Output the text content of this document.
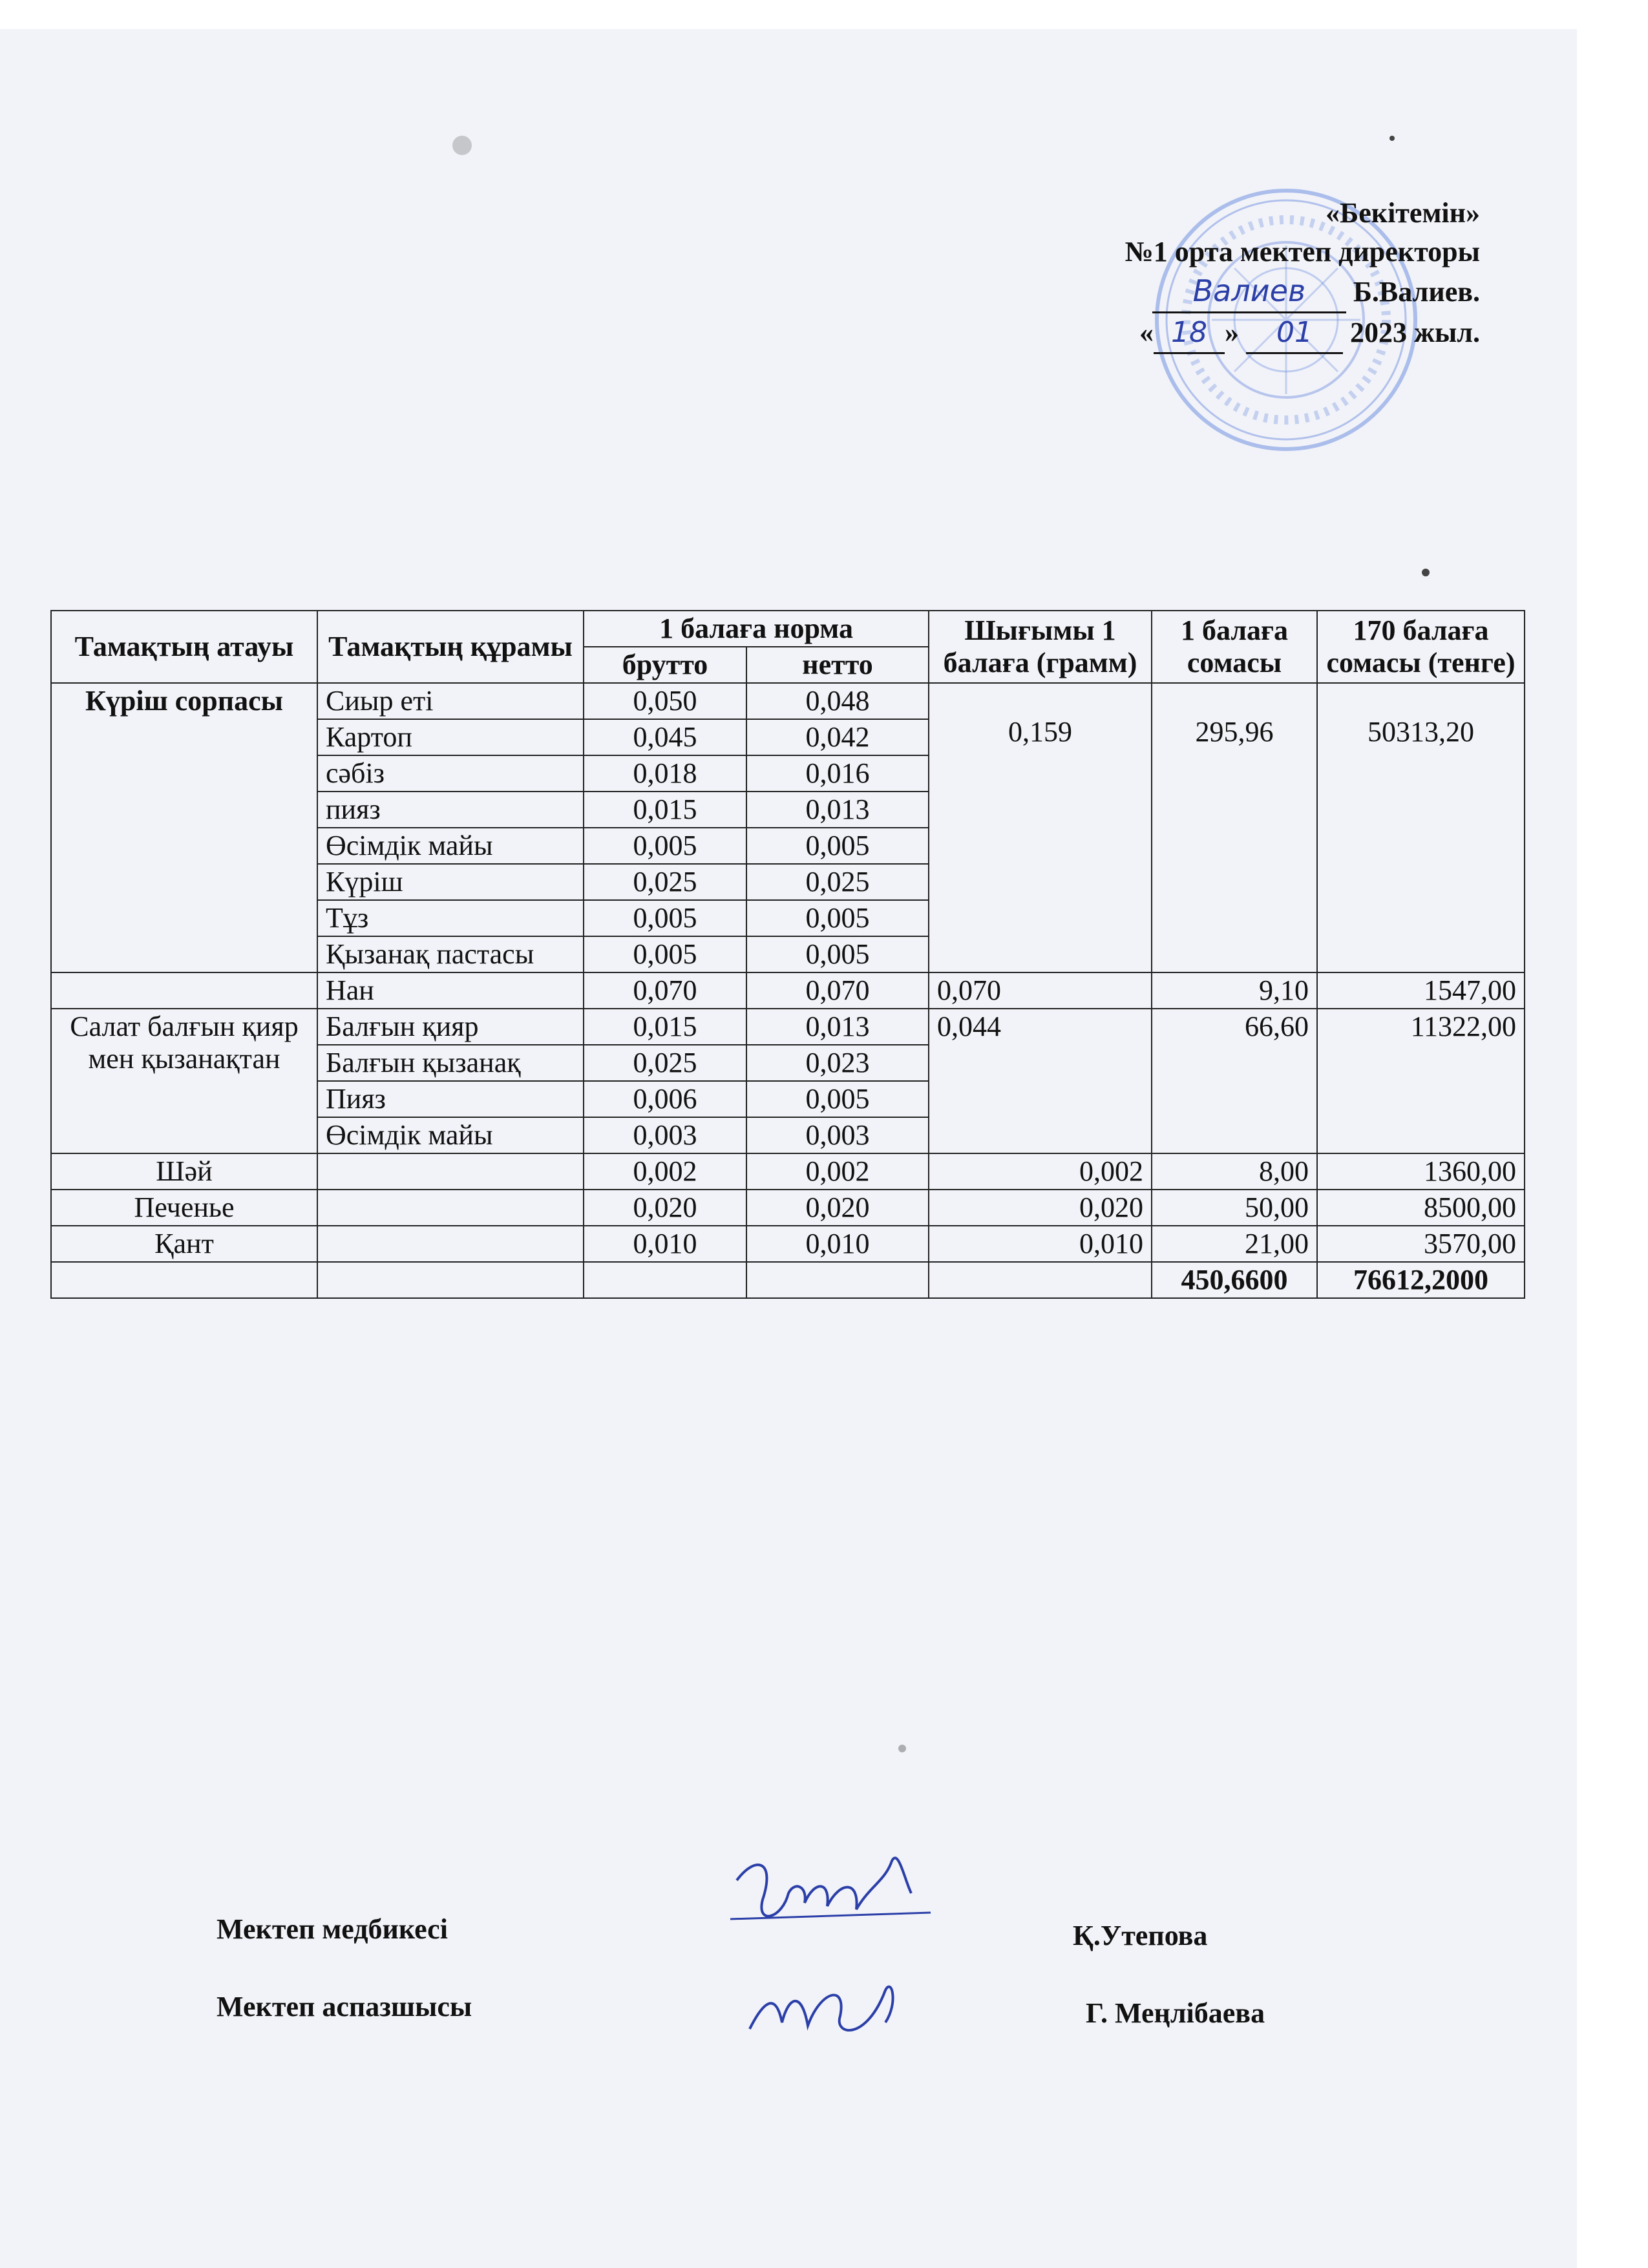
«Бекітемін»
№1 орта мектеп директоры
Валиев Б.Валиев.
« 18 » 01 2023 жыл.
Тамақтың атауы	Тамақтың құрамы	1 балаға норма		Шығымы 1 балаға (грамм)	1 балаға сомасы	170 балаға сомасы (тенге)
		брутто	нетто			
Күріш сорпасы	Сиыр еті	0,050	0,048	0,159	295,96	50313,20
	Картоп	0,045	0,042			
	сәбіз	0,018	0,016			
	пияз	0,015	0,013			
	Өсімдік майы	0,005	0,005			
	Күріш	0,025	0,025			
	Тұз	0,005	0,005			
	Қызанақ пастасы	0,005	0,005			
	Нан	0,070	0,070	0,070	9,10	1547,00
Салат балғын қияр мен қызанақтан	Балғын қияр	0,015	0,013	0,044	66,60	11322,00
	Балғын қызанақ	0,025	0,023			
	Пияз	0,006	0,005			
	Өсімдік майы	0,003	0,003			
Шәй		0,002	0,002	0,002	8,00	1360,00
Печенье		0,020	0,020	0,020	50,00	8500,00
Қант		0,010	0,010	0,010	21,00	3570,00
					450,6600	76612,2000
Мектеп медбикесі	Қ.Утепова
Мектеп аспазшысы	Г. Меңлібаева
